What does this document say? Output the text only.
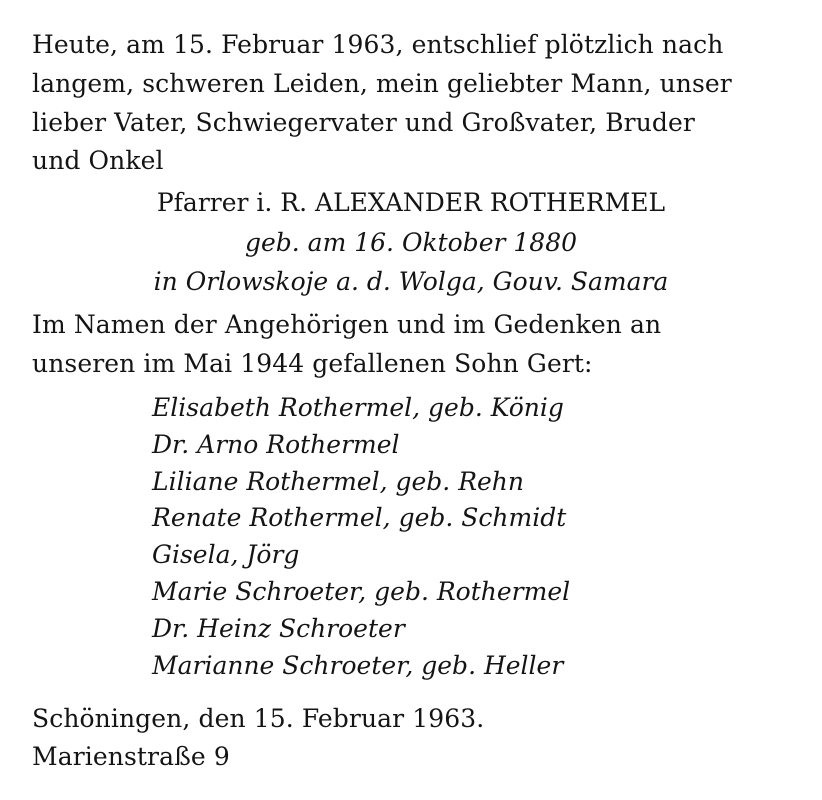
Heute, am 15. Februar 1963, entschlief plötzlich nach
langem, schweren Leiden, mein geliebter Mann, unser
lieber Vater, Schwiegervater und Großvater, Bruder
und Onkel
Pfarrer i. R. ALEXANDER ROTHERMEL
geb. am 16. Oktober 1880
in Orlowskoje a. d. Wolga, Gouv. Samara
Im Namen der Angehörigen und im Gedenken an
unseren im Mai 1944 gefallenen Sohn Gert:
Elisabeth Rothermel, geb. König
Dr. Arno Rothermel
Liliane Rothermel, geb. Rehn
Renate Rothermel, geb. Schmidt
Gisela, Jörg
Marie Schroeter, geb. Rothermel
Dr. Heinz Schroeter
Marianne Schroeter, geb. Heller
Schöningen, den 15. Februar 1963.
Marienstraße 9
